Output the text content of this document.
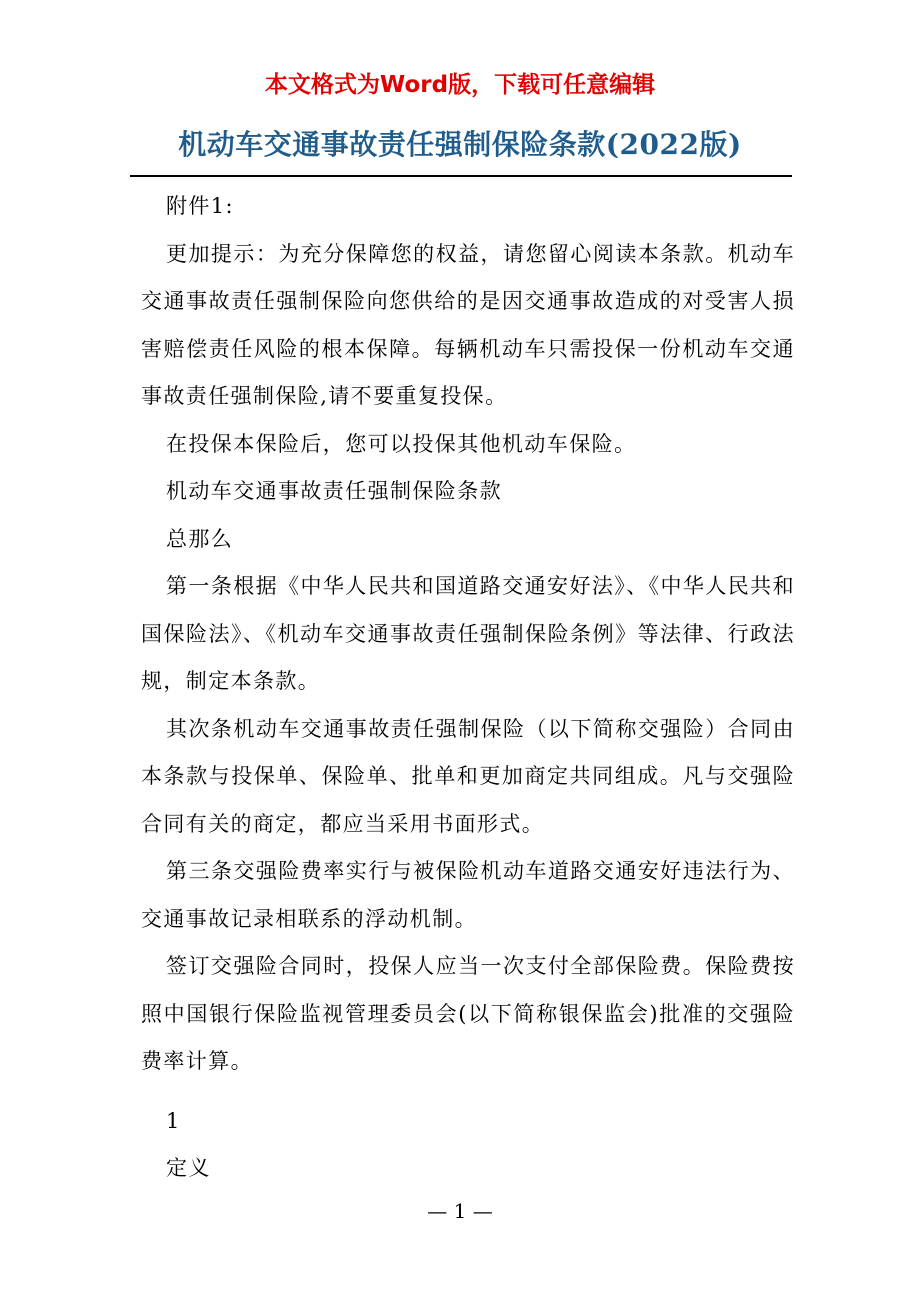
本文格式为Word版，下载可任意编辑
机动车交通事故责任强制保险条款(2022版)

附件1:

更加提示：为充分保障您的权益，请您留心阅读本条款。机动车交通事故责任强制保险向您供给的是因交通事故造成的对受害人损害赔偿责任风险的根本保障。每辆机动车只需投保一份机动车交通事故责任强制保险,请不要重复投保。

在投保本保险后，您可以投保其他机动车保险。

机动车交通事故责任强制保险条款

总那么

第一条根据《中华人民共和国道路交通安好法》、《中华人民共和国保险法》、《机动车交通事故责任强制保险条例》等法律、行政法规，制定本条款。

其次条机动车交通事故责任强制保险（以下简称交强险）合同由本条款与投保单、保险单、批单和更加商定共同组成。凡与交强险合同有关的商定，都应当采用书面形式。

第三条交强险费率实行与被保险机动车道路交通安好违法行为、交通事故记录相联系的浮动机制。

签订交强险合同时，投保人应当一次支付全部保险费。保险费按照中国银行保险监视管理委员会(以下简称银保监会)批准的交强险费率计算。

1

定义

— 1 —
